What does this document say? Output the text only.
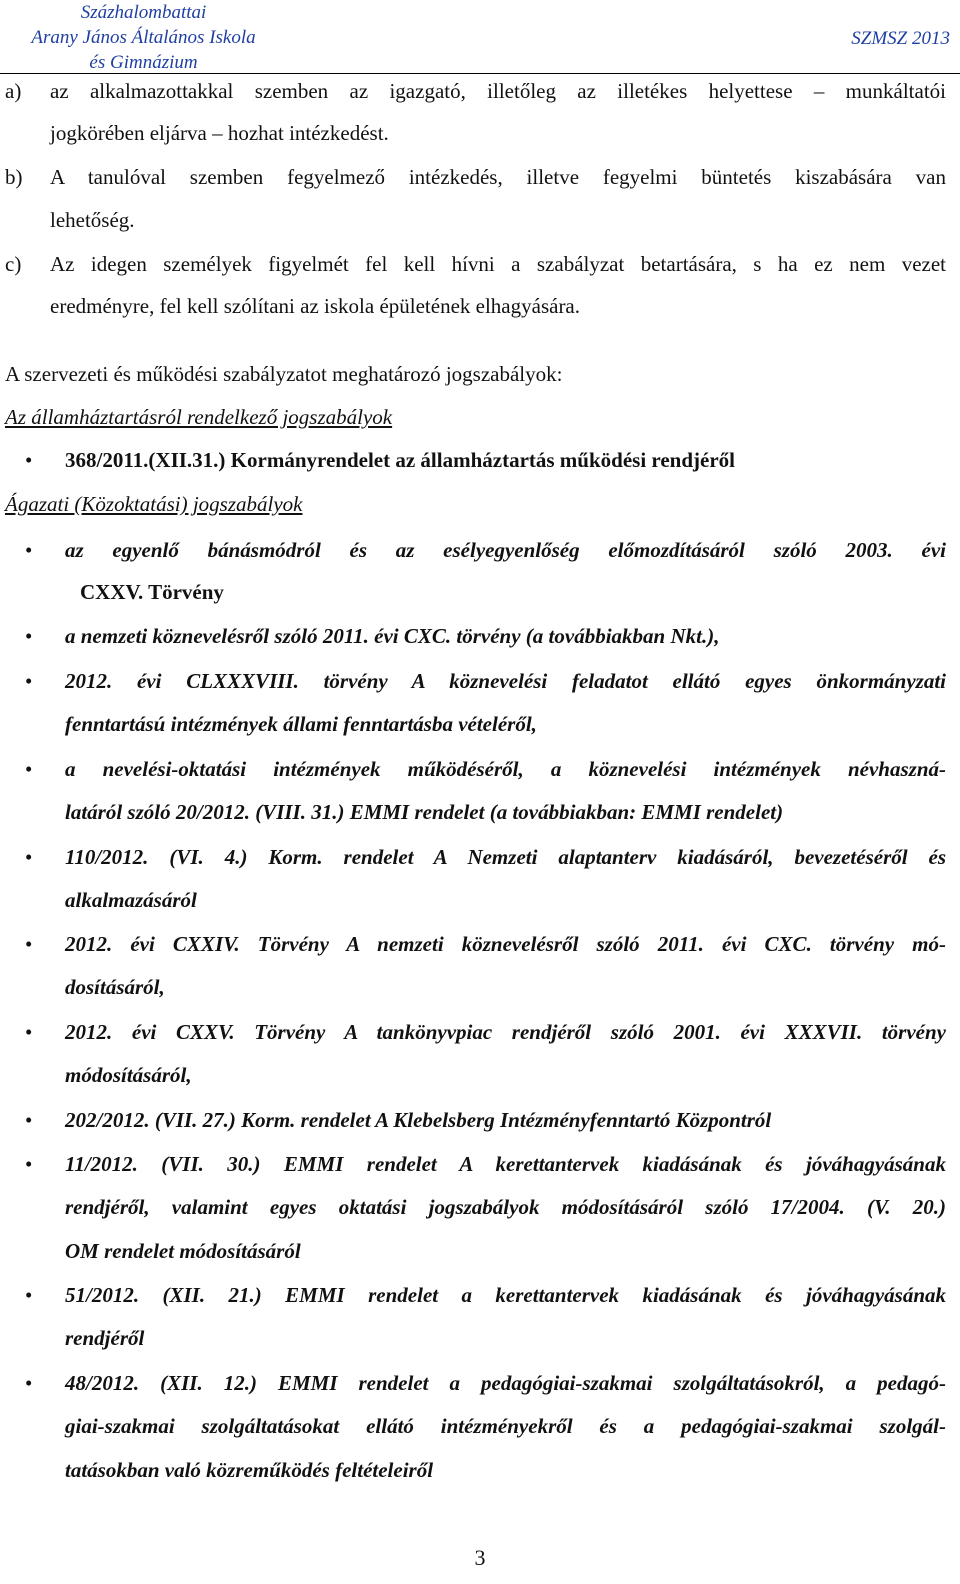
Százhalombattai
Arany János Általános Iskola
és Gimnázium
SZMSZ 2013
a) az alkalmazottakkal szemben az igazgató, illetőleg az illetékes helyettese – munkáltatói
jogkörében eljárva – hozhat intézkedést.
b) A tanulóval szemben fegyelmező intézkedés, illetve fegyelmi büntetés kiszabására van
lehetőség.
c) Az idegen személyek figyelmét fel kell hívni a szabályzat betartására, s ha ez nem vezet
eredményre, fel kell szólítani az iskola épületének elhagyására.
A szervezeti és működési szabályzatot meghatározó jogszabályok:
Az államháztartásról rendelkező jogszabályok
•
368/2011.(XII.31.) Kormányrendelet az államháztartás működési rendjéről
Ágazati (Közoktatási) jogszabályok
•
az egyenlő bánásmódról és az esélyegyenlőség előmozdításáról szóló 2003. évi
CXXV. Törvény
•
a nemzeti köznevelésről szóló 2011. évi CXC. törvény (a továbbiakban Nkt.),
•
2012. évi CLXXXVIII. törvény A köznevelési feladatot ellátó egyes önkormányzati
fenntartású intézmények állami fenntartásba vételéről,
•
a nevelési-oktatási intézmények működéséről, a köznevelési intézmények névhaszná-
latáról szóló 20/2012. (VIII. 31.) EMMI rendelet (a továbbiakban: EMMI rendelet)
•
110/2012. (VI. 4.) Korm. rendelet A Nemzeti alaptanterv kiadásáról, bevezetéséről és
alkalmazásáról
•
2012. évi CXXIV. Törvény A nemzeti köznevelésről szóló 2011. évi CXC. törvény mó-
dosításáról,
•
2012. évi CXXV. Törvény A tankönyvpiac rendjéről szóló 2001. évi XXXVII. törvény
módosításáról,
•
202/2012. (VII. 27.) Korm. rendelet A Klebelsberg Intézményfenntartó Központról
•
11/2012. (VII. 30.) EMMI rendelet A kerettantervek kiadásának és jóváhagyásának
rendjéről, valamint egyes oktatási jogszabályok módosításáról szóló 17/2004. (V. 20.)
OM rendelet módosításáról
•
51/2012. (XII. 21.) EMMI rendelet a kerettantervek kiadásának és jóváhagyásának
rendjéről
•
48/2012. (XII. 12.) EMMI rendelet a pedagógiai-szakmai szolgáltatásokról, a pedagó-
giai-szakmai szolgáltatásokat ellátó intézményekről és a pedagógiai-szakmai szolgál-
tatásokban való közreműködés feltételeiről
3
